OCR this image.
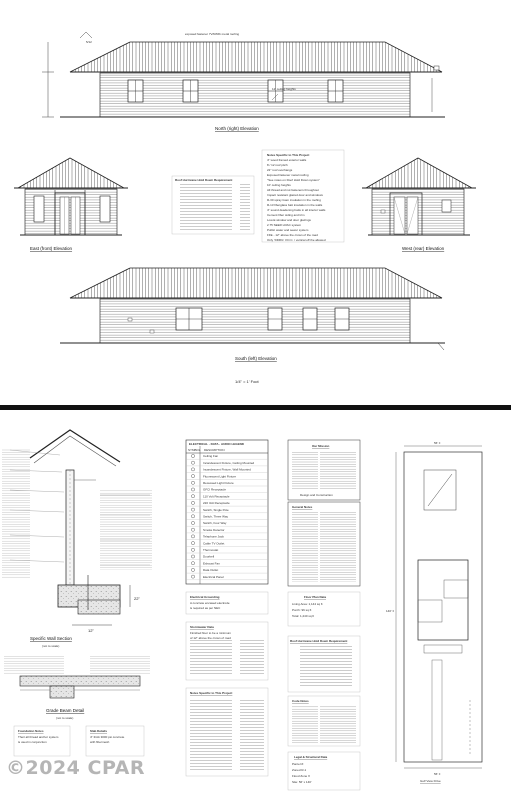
exposed fastener 7V/R/Rib metal roofing
5/12
12' ceiling heights
North (right) Elevation
East (front) Elevation
Roof Hurricane Hold Down Requirement
Notes Specific to This Project
4" wood framed exterior walls
8 / 12 roof pitch
22" roof overhangs
Exposed fastener metal roofing
"See notes on Roof Hold Down system"
10' ceiling heights
All thread and nut fasteners throughout
Impact resistant glazed door and windows
R-30 spray foam insulation in the roofing
R-13 fiberglass batt insulation in the walls
4" sound deadening batts in all interior walls
Cement fiber siding and trim
Low-E window and door glazings
2.75 SEER HVAC system
Public water and sewer system
FFE - 12" above the crown of the road
Only 'DDRG' V.D.C. / vertical off the allowed
West (rear) Elevation
South (left) Elevation
1/4" = 1' Foot
22"
12"
Specific Wall Section
(not to scale)
Grade Beam Detail
(not to scale)
Foundation Notes
Their all thread anchor system
is used in conjunction
Slab Details
4" thick 3000 psi concrete
with fibermesh
ELECTRICAL · DATA · AUDIO LEGEND
SYMBOL DESCRIPTION
Ceiling Fan
Incandescent Fixture, Ceiling Mounted
Incandescent Fixture, Wall Mounted
Fluorescent Light Fixture
Recessed Light Fixture
GFCI Receptacle
110 Volt Receptacle
220 Volt Receptacle
Switch, Single Pole
Switch, Three Way
Switch, Four Way
Smoke Detector
Telephone Jack
Cable TV Outlet
Thermostat
Doorbell
Exhaust Fan
Data Outlet
Electrical Panel
Electrical Grounding
A concrete encased electrode
is required as per NEC
Stormwater Data
Finished floor to be a minimum
of 12" above the crown of road
Notes Specific to This Project
Our Mission
Design and Construction
General Notes
Floor Plan Data
Living Area: 1,144 sq ft
Porch: 96 sq ft
Total: 1,240 sq ft
Roof Hurricane Hold Down Requirement
Code Notes
Legal & Structural Data
Parcel #:
Zoned R-1
Flood Zone X
Site: 56' x 140'
56' ±
140' ±
56' ±
Gulf View Drive
©2024 CPAR
